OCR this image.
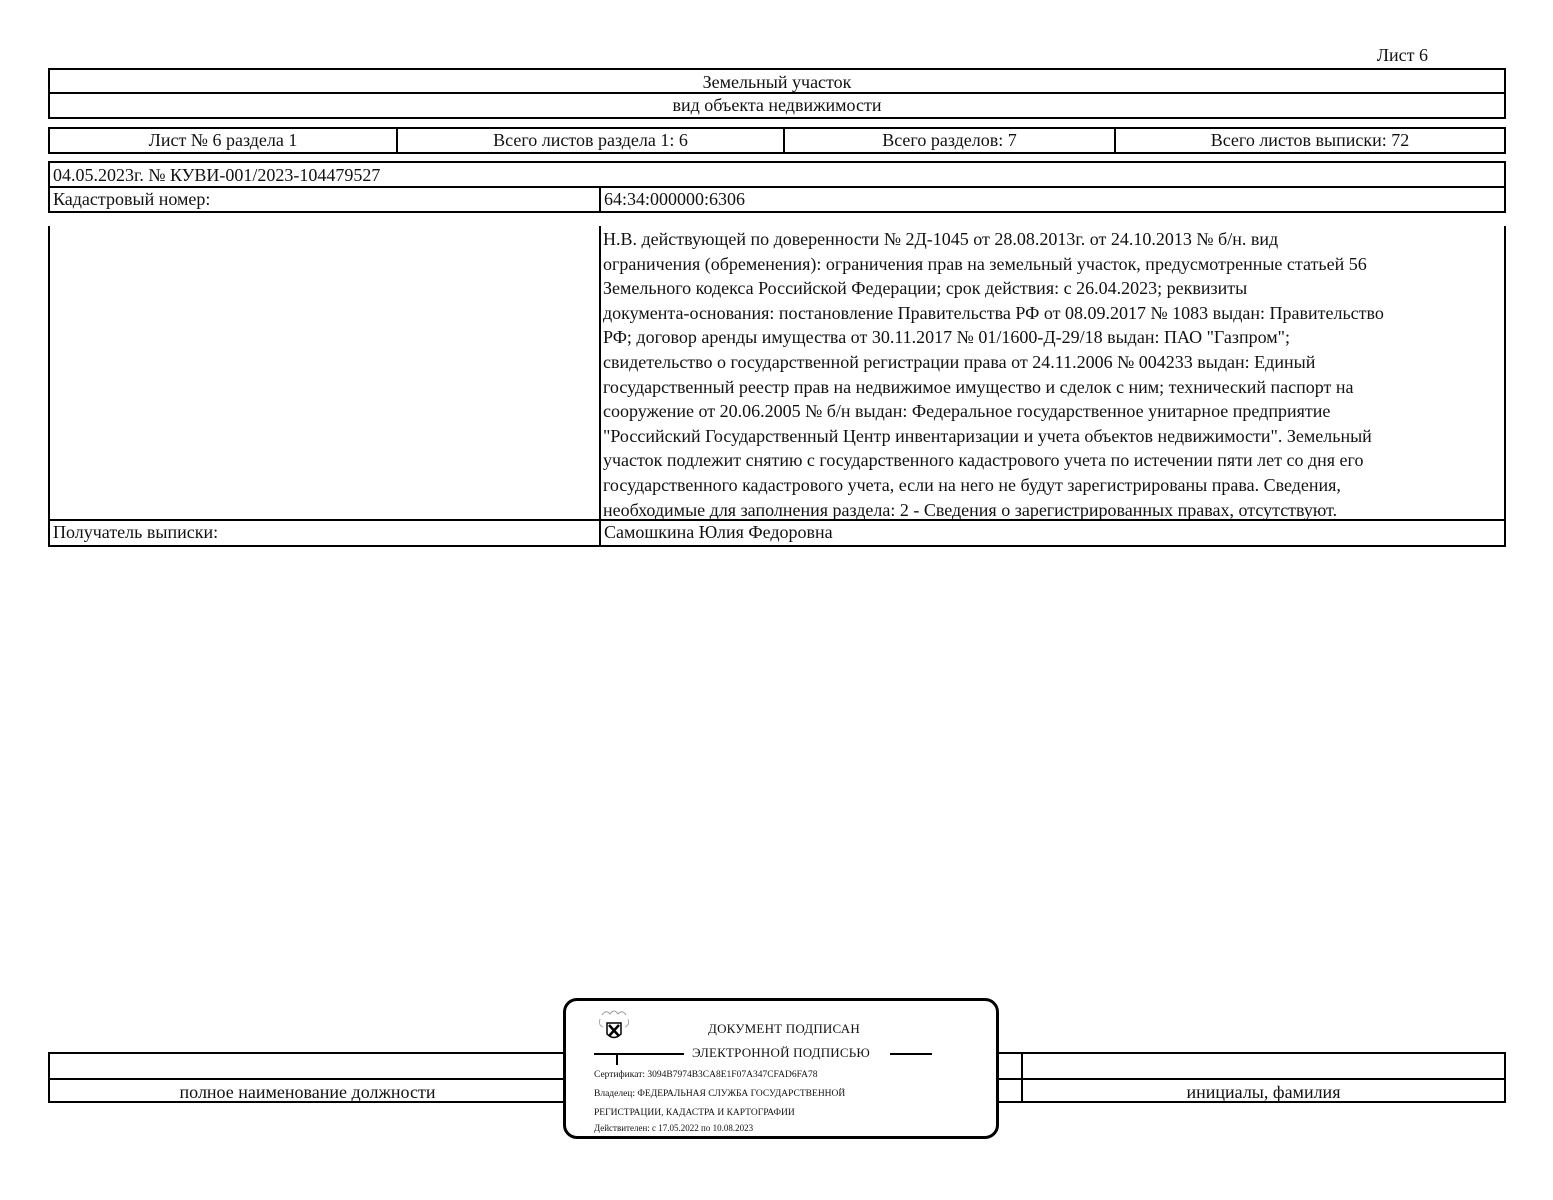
Лист 6
Земельный участок
вид объекта недвижимости
Лист № 6 раздела 1	Всего листов раздела 1: 6	Всего разделов: 7	Всего листов выписки: 72
04.05.2023г. № КУВИ-001/2023-104479527
Кадастровый номер:	64:34:000000:6306
Н.В. действующей по доверенности № 2Д-1045 от 28.08.2013г. от 24.10.2013 № б/н. вид
ограничения (обременения): ограничения прав на земельный участок, предусмотренные статьей 56
Земельного кодекса Российской Федерации; срок действия: с 26.04.2023; реквизиты
документа-основания: постановление Правительства РФ от 08.09.2017 № 1083 выдан: Правительство
РФ; договор аренды имущества от 30.11.2017 № 01/1600-Д-29/18 выдан: ПАО "Газпром";
свидетельство о государственной регистрации права от 24.11.2006 № 004233 выдан: Единый
государственный реестр прав на недвижимое имущество и сделок с ним; технический паспорт на
сооружение от 20.06.2005 № б/н выдан: Федеральное государственное унитарное предприятие
"Российский Государственный Центр инвентаризации и учета объектов недвижимости". Земельный
участок подлежит снятию с государственного кадастрового учета по истечении пяти лет со дня его
государственного кадастрового учета, если на него не будут зарегистрированы права. Сведения,
необходимые для заполнения раздела: 2 - Сведения о зарегистрированных правах, отсутствуют.
Получатель выписки:	Самошкина Юлия Федоровна
полное наименование должности	инициалы, фамилия
ДОКУМЕНТ ПОДПИСАН
ЭЛЕКТРОННОЙ ПОДПИСЬЮ
Сертификат: 3094B7974B3CA8E1F07A347CFAD6FA78
Владелец: ФЕДЕРАЛЬНАЯ СЛУЖБА ГОСУДАРСТВЕННОЙ
РЕГИСТРАЦИИ, КАДАСТРА И КАРТОГРАФИИ
Действителен: с 17.05.2022 по 10.08.2023
